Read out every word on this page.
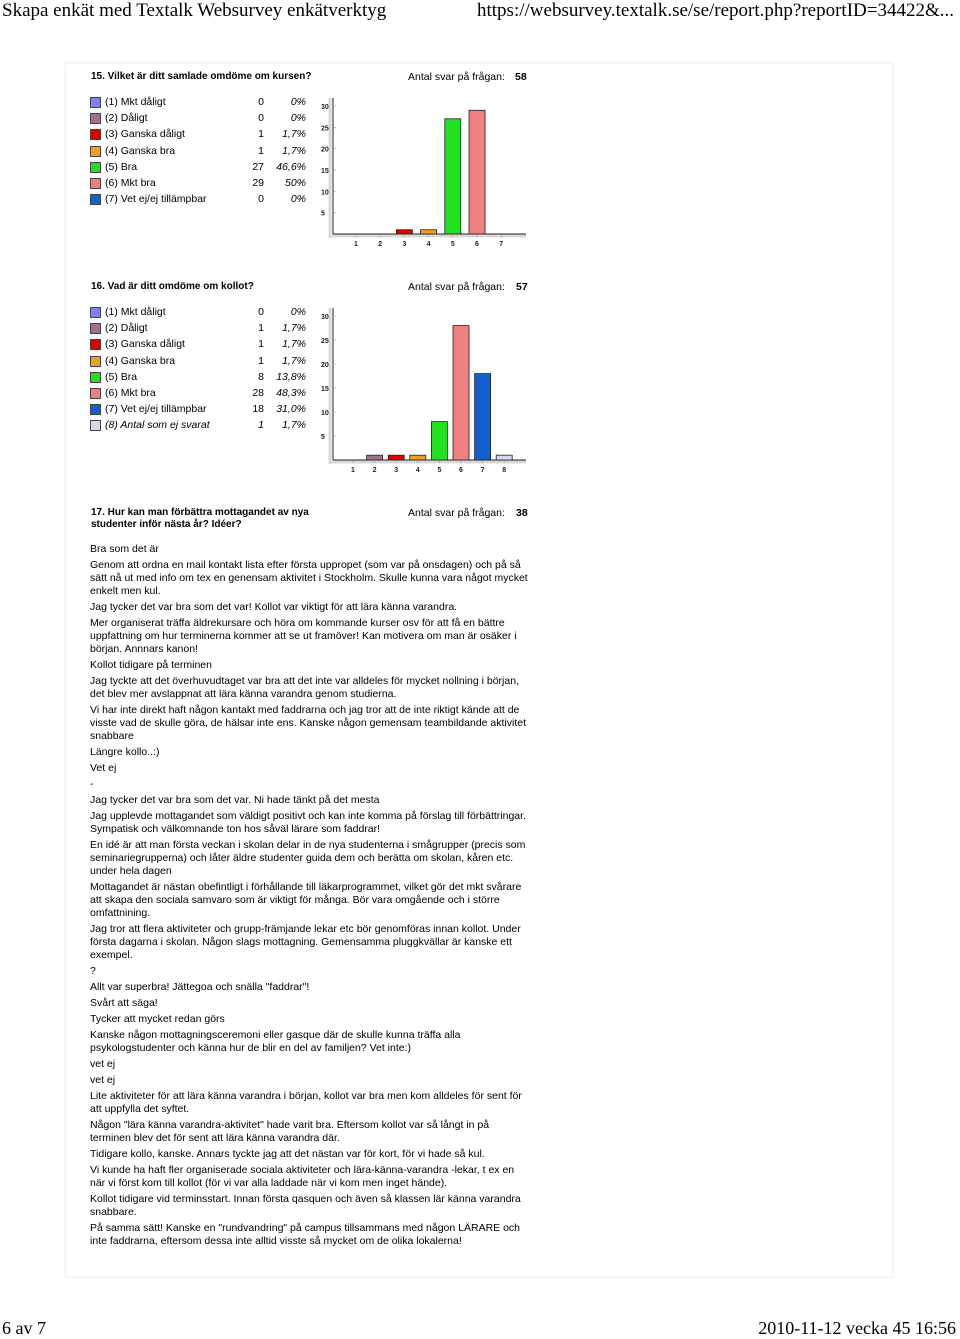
Skapa enkät med Textalk Websurvey enkätverktyg	https://websurvey.textalk.se/se/report.php?reportID=34422&...
15. Vilket är ditt samlade omdöme om kursen?	Antal svar på frågan: 58
(1) Mkt dåligt	0	0%
(2) Dåligt	0	0%
(3) Ganska dåligt	1	1,7%
(4) Ganska bra	1	1,7%
(5) Bra	27	46,6%
(6) Mkt bra	29	50%
(7) Vet ej/ej tillämpbar	0	0%
30
25
20
15
10
5
1	2	3	4	5	6	7
16. Vad är ditt omdöme om kollot?	Antal svar på frågan: 57
(1) Mkt dåligt	0	0%
(2) Dåligt	1	1,7%
(3) Ganska dåligt	1	1,7%
(4) Ganska bra	1	1,7%
(5) Bra	8	13,8%
(6) Mkt bra	28	48,3%
(7) Vet ej/ej tillämpbar	18	31,0%
(8) Antal som ej svarat	1	1,7%
30
25
20
15
10
5
1	2	3	4	5	6	7	8
17. Hur kan man förbättra mottagandet av nya
studenter inför nästa år? Idéer?
Antal svar på frågan: 38

Bra som det är

Genom att ordna en mail kontakt lista efter första uppropet (som var på onsdagen) och på så sätt nå ut med info om tex en genensam aktivitet i Stockholm. Skulle kunna vara något mycket enkelt men kul.

Jag tycker det var bra som det var! Kollot var viktigt för att lära känna varandra.

Mer organiserat träffa äldrekursare och höra om kommande kurser osv för att få en bättre uppfattning om hur terminerna kommer att se ut framöver! Kan motivera om man är osäker i början. Annnars kanon!

Kollot tidigare på terminen

Jag tyckte att det överhuvudtaget var bra att det inte var alldeles för mycket nollning i början, det blev mer avslappnat att lära känna varandra genom studierna.

Vi har inte direkt haft någon kantakt med faddrarna och jag tror att de inte riktigt kände att de visste vad de skulle göra, de hälsar inte ens. Kanske någon gemensam teambildande aktivitet snabbare

Längre kollo..:)

Vet ej

-

Jag tycker det var bra som det var. Ni hade tänkt på det mesta

Jag upplevde mottagandet som väldigt positivt och kan inte komma på förslag till förbättringar. Sympatisk och välkomnande ton hos såväl lärare som faddrar!

En idé är att man första veckan i skolan delar in de nya studenterna i smågrupper (precis som seminariegrupperna) och låter äldre studenter guida dem och berätta om skolan, kåren etc. under hela dagen

Mottagandet är nästan obefintligt i förhållande till läkarprogrammet, vilket gör det mkt svårare att skapa den sociala samvaro som är viktigt för många. Bör vara omgående och i större omfattnining.

Jag tror att flera aktiviteter och grupp-främjande lekar etc bör genomföras innan kollot. Under första dagarna i skolan. Någon slags mottagning. Gemensamma pluggkvällar är kanske ett exempel.

?

Allt var superbra! Jättegoa och snälla "faddrar"!

Svårt att säga!

Tycker att mycket redan görs

Kanske någon mottagningsceremoni eller gasque där de skulle kunna träffa alla psykologstudenter och känna hur de blir en del av familjen? Vet inte:)

vet ej

vet ej

Lite aktiviteter för att lära känna varandra i början, kollot var bra men kom alldeles för sent för att uppfylla det syftet.

Någon "lära känna varandra-aktivitet" hade varit bra. Eftersom kollot var så långt in på terminen blev det för sent att lära känna varandra där.

Tidigare kollo, kanske. Annars tyckte jag att det nästan var för kort, för vi hade så kul.

Vi kunde ha haft fler organiserade sociala aktiviteter och lära-känna-varandra -lekar, t ex en när vi först kom till kollot (för vi var alla laddade när vi kom men inget hände).

Kollot tidigare vid terminsstart. Innan första qasquen och även så klassen lär känna varandra snabbare.

På samma sätt! Kanske en "rundvandring" på campus tillsammans med någon LÄRARE och inte faddrarna, eftersom dessa inte alltid visste så mycket om de olika lokalerna!

6 av 7	2010-11-12 vecka 45 16:56
